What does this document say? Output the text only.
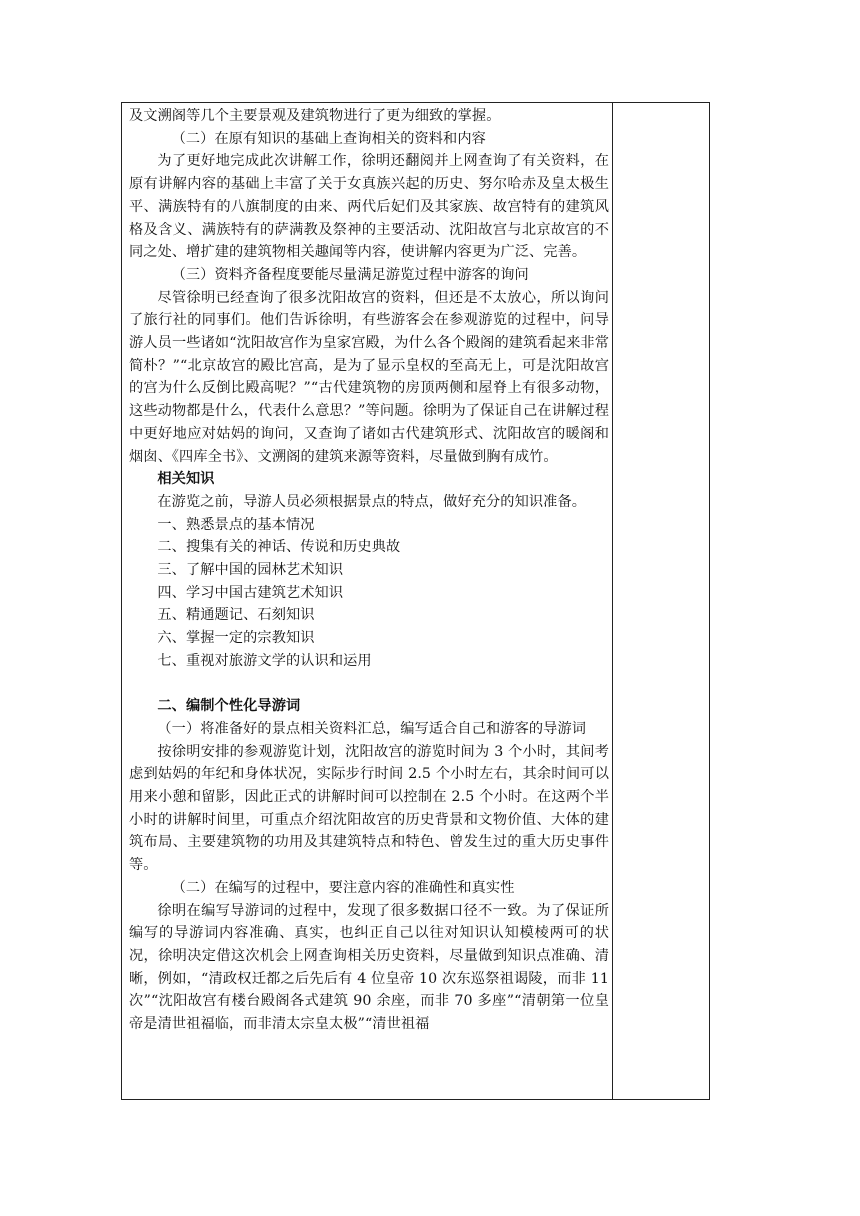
及文溯阁等几个主要景观及建筑物进行了更为细致的掌握。

（二）在原有知识的基础上查询相关的资料和内容

为了更好地完成此次讲解工作，徐明还翻阅并上网查询了有关资料，在原有讲解内容的基础上丰富了关于女真族兴起的历史、努尔哈赤及皇太极生平、满族特有的八旗制度的由来、两代后妃们及其家族、故宫特有的建筑风格及含义、满族特有的萨满教及祭神的主要活动、沈阳故宫与北京故宫的不同之处、增扩建的建筑物相关趣闻等内容，使讲解内容更为广泛、完善。

（三）资料齐备程度要能尽量满足游览过程中游客的询问

尽管徐明已经查询了很多沈阳故宫的资料，但还是不太放心，所以询问了旅行社的同事们。他们告诉徐明，有些游客会在参观游览的过程中，问导游人员一些诸如“沈阳故宫作为皇家宫殿，为什么各个殿阁的建筑看起来非常简朴？”“北京故宫的殿比宫高，是为了显示皇权的至高无上，可是沈阳故宫的宫为什么反倒比殿高呢？”“古代建筑物的房顶两侧和屋脊上有很多动物，这些动物都是什么，代表什么意思？”等问题。徐明为了保证自己在讲解过程中更好地应对姑妈的询问，又查询了诸如古代建筑形式、沈阳故宫的暖阁和烟囱、《四库全书》、文溯阁的建筑来源等资料，尽量做到胸有成竹。

相关知识

在游览之前，导游人员必须根据景点的特点，做好充分的知识准备。

一、熟悉景点的基本情况

二、搜集有关的神话、传说和历史典故

三、了解中国的园林艺术知识

四、学习中国古建筑艺术知识

五、精通题记、石刻知识

六、掌握一定的宗教知识

七、重视对旅游文学的认识和运用

二、编制个性化导游词

（一）将准备好的景点相关资料汇总，编写适合自己和游客的导游词

按徐明安排的参观游览计划，沈阳故宫的游览时间为 3 个小时，其间考虑到姑妈的年纪和身体状况，实际步行时间 2.5 个小时左右，其余时间可以用来小憩和留影，因此正式的讲解时间可以控制在 2.5 个小时。在这两个半小时的讲解时间里，可重点介绍沈阳故宫的历史背景和文物价值、大体的建筑布局、主要建筑物的功用及其建筑特点和特色、曾发生过的重大历史事件等。

（二）在编写的过程中，要注意内容的准确性和真实性

徐明在编写导游词的过程中，发现了很多数据口径不一致。为了保证所编写的导游词内容准确、真实，也纠正自己以往对知识认知模棱两可的状况，徐明决定借这次机会上网查询相关历史资料，尽量做到知识点准确、清晰，例如，“清政权迁都之后先后有 4 位皇帝 10 次东巡祭祖谒陵，而非 11 次”“沈阳故宫有楼台殿阁各式建筑 90 余座，而非 70 多座”“清朝第一位皇帝是清世祖福临，而非清太宗皇太极”“清世祖福
